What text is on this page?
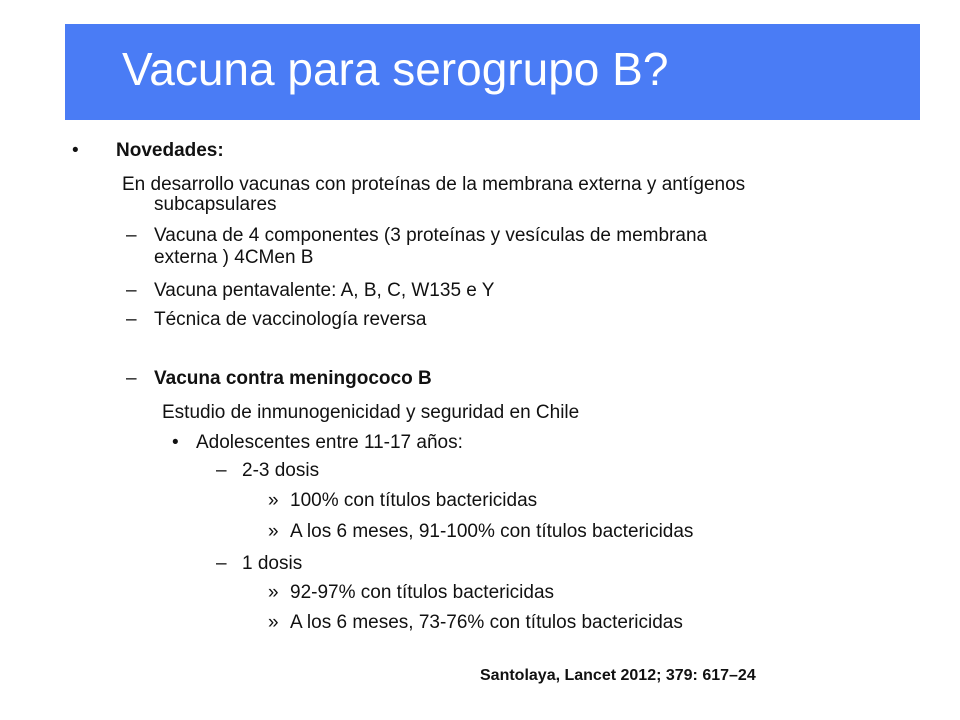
Vacuna para serogrupo B?
• Novedades:
En desarrollo vacunas con proteínas de la membrana externa y antígenos
subcapsulares
– Vacuna de 4 componentes (3 proteínas y vesículas de membrana
externa ) 4CMen B
– Vacuna pentavalente: A, B, C, W135 e Y
– Técnica de vaccinología reversa
– Vacuna contra meningococo B
Estudio de inmunogenicidad y seguridad en Chile
• Adolescentes entre 11-17 años:
– 2-3 dosis
» 100% con títulos bactericidas
» A los 6 meses, 91-100% con títulos bactericidas
– 1 dosis
» 92-97% con títulos bactericidas
» A los 6 meses, 73-76% con títulos bactericidas
Santolaya, Lancet 2012; 379: 617–24
